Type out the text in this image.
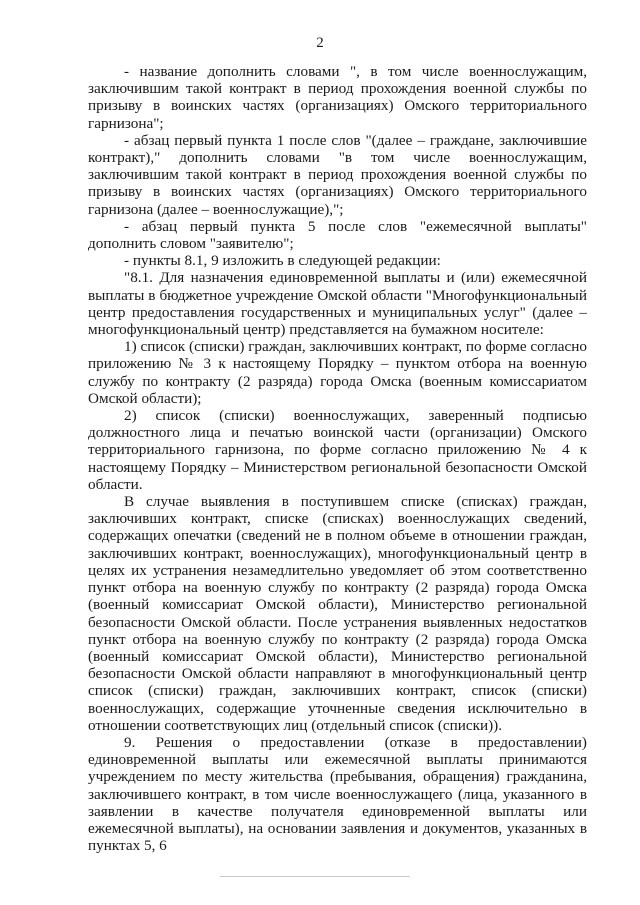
2

- название дополнить словами ", в том числе военнослужащим, заключившим такой контракт в период прохождения военной службы по призыву в воинских частях (организациях) Омского территориального гарнизона";

- абзац первый пункта 1 после слов "(далее – граждане, заключившие контракт)," дополнить словами "в том числе военнослужащим, заключившим такой контракт в период прохождения военной службы по призыву в воинских частях (организациях) Омского территориального гарнизона (далее – военнослужащие),";

- абзац первый пункта 5 после слов "ежемесячной выплаты" дополнить словом "заявителю";

- пункты 8.1, 9 изложить в следующей редакции:

"8.1. Для назначения единовременной выплаты и (или) ежемесячной выплаты в бюджетное учреждение Омской области "Многофункциональный центр предоставления государственных и муниципальных услуг" (далее – многофункциональный центр) представляется на бумажном носителе:

1) список (списки) граждан, заключивших контракт, по форме согласно приложению № 3 к настоящему Порядку – пунктом отбора на военную службу по контракту (2 разряда) города Омска (военным комиссариатом Омской области);

2) список (списки) военнослужащих, заверенный подписью должностного лица и печатью воинской части (организации) Омского территориального гарнизона, по форме согласно приложению № 4 к настоящему Порядку – Министерством региональной безопасности Омской области.

В случае выявления в поступившем списке (списках) граждан, заключивших контракт, списке (списках) военнослужащих сведений, содержащих опечатки (сведений не в полном объеме в отношении граждан, заключивших контракт, военнослужащих), многофункциональный центр в целях их устранения незамедлительно уведомляет об этом соответственно пункт отбора на военную службу по контракту (2 разряда) города Омска (военный комиссариат Омской области), Министерство региональной безопасности Омской области. После устранения выявленных недостатков пункт отбора на военную службу по контракту (2 разряда) города Омска (военный комиссариат Омской области), Министерство региональной безопасности Омской области направляют в многофункциональный центр список (списки) граждан, заключивших контракт, список (списки) военнослужащих, содержащие уточненные сведения исключительно в отношении соответствующих лиц (отдельный список (списки)).

9. Решения о предоставлении (отказе в предоставлении) единовременной выплаты или ежемесячной выплаты принимаются учреждением по месту жительства (пребывания, обращения) гражданина, заключившего контракт, в том числе военнослужащего (лица, указанного в заявлении в качестве получателя единовременной выплаты или ежемесячной выплаты), на основании заявления и документов, указанных в пунктах 5, 6
